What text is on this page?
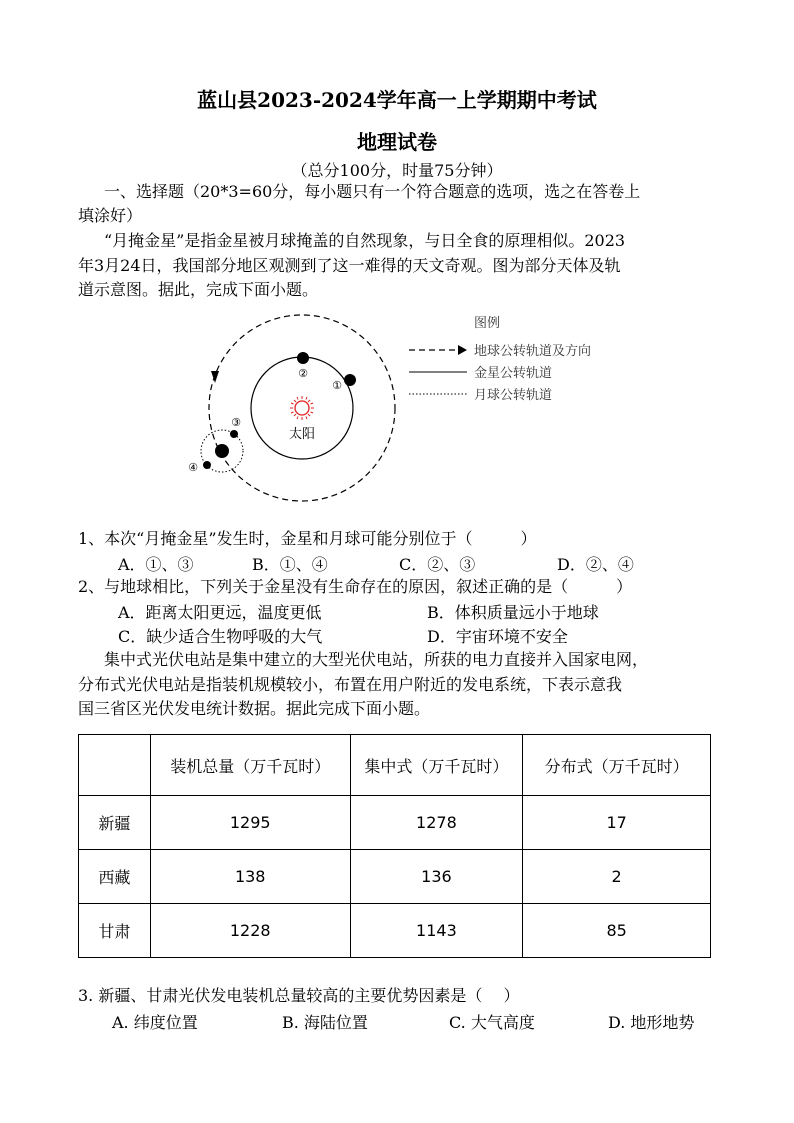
蓝山县2023-2024学年高一上学期期中考试
地理试卷
（总分100分，时量75分钟）
一、选择题（20*3=60分，每小题只有一个符合题意的选项，选之在答卷上
填涂好）
“月掩金星”是指金星被月球掩盖的自然现象，与日全食的原理相似。2023
年3月24日，我国部分地区观测到了这一难得的天文奇观。图为部分天体及轨
道示意图。据此，完成下面小题。
太阳
②
①
③
④
图例
地球公转轨道及方向
金星公转轨道
月球公转轨道
1、本次“月掩金星”发生时，金星和月球可能分别位于（　　　）
A．①、③	B．①、④	C．②、③	D．②、④
2、与地球相比，下列关于金星没有生命存在的原因，叙述正确的是（　　　）
A．距离太阳更远，温度更低	B．体积质量远小于地球
C．缺少适合生物呼吸的大气	D．宇宙环境不安全
集中式光伏电站是集中建立的大型光伏电站，所获的电力直接并入国家电网，
分布式光伏电站是指装机规模较小，布置在用户附近的发电系统，下表示意我
国三省区光伏发电统计数据。据此完成下面小题。
	装机总量（万千瓦时）	集中式（万千瓦时）	分布式（万千瓦时）
新疆	1295	1278	17
西藏	138	136	2
甘肃	1228	1143	85
3. 新疆、甘肃光伏发电装机总量较高的主要优势因素是（　 ）
A. 纬度位置	B. 海陆位置	C. 大气高度	D. 地形地势
